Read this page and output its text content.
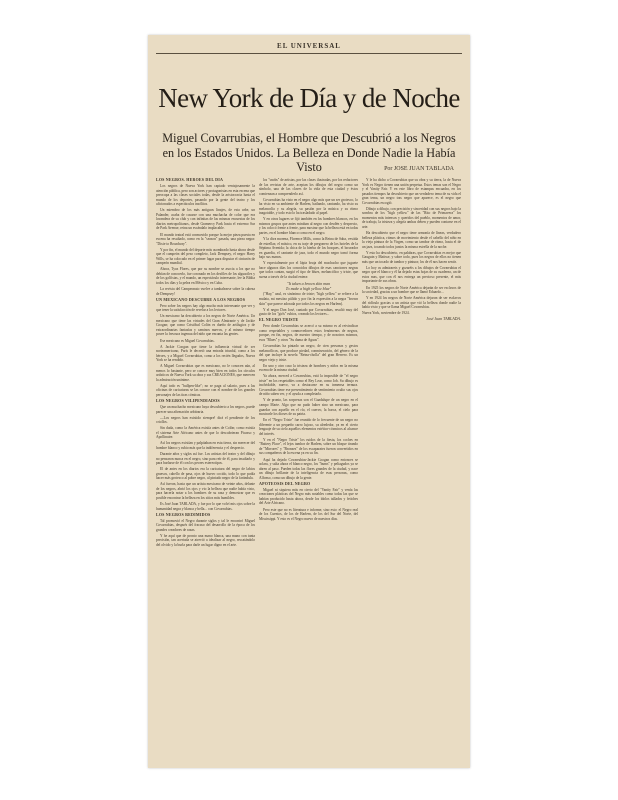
EL UNIVERSAL
New York de Día y de Noche
Miguel Covarrubias, el Hombre que Descubrió a los Negros en los Estados Unidos. La Belleza en Donde Nadie la Había Visto	Por JOSE JUAN TABLADA

LOS NEGROS. HEROES DEL DIA

Los negros de Nueva York han captado ventajosamente la atención pública, pero son actores y protagonistas en esta escena que preocupa a las clases sociales todas, desde la aristocracia hasta el mundo de los deportes, pasando por la gente del teatro y los aficionados a espectáculos insólitos.

Un miembro de los más antiguos linajes, de esta urbe, un Palander, acaba de casarse con una muchacha de color que era lavandera de su club y con infinitas de las mismas encuestas de los diarios metropolitanos, desde Gramercy Park hasta el extremo Sur de Park Avenue, reina un escándalo implacable.

El mundo teatral está conmovido porque la mejor pieza puesta en escena ha resultado, como en la "season" pasada, una pieza negra: "Dixie to Broadway".

Y por fin, el mundo del deporte más asombrado hasta ahora desde que el campeón del peso completo, Jack Dempsey, el negro Harry Wills, se ha colocado en el primer lugar para disputar el cinturón de campeón mundial.

Ahora, Tyus Flores, que por su nombre se asocia a los que no debían de conocerlo, fue coronado en los desfiles de los alguaciles y de los golfistas, y el mundo, un espectáculo interesante, lee la Biblia todos los días y la pelea en México y en Cuba.

La revista del Campeonato vuelve a tambalearse sobre la cabeza de Dempsey!

UN MEXICANO DESCUBRE A LOS NEGROS

Pero sobre los negros hay algo mucho más interesante que ver y que tener la satisfacción de revelar a los lectores.

Un mexicano ha descubierto a los negros de Norte América. Un mexicano que tiene las virtudes del Gran Almirante y de Jackie Coogan; que como Cristóbal Colón es dueño de artilugios y de extraordinarias fantasías y caminos nuevos, y al mismo tiempo posee la frescura ingenua del niño que encanta las gentes.

Ese mexicano es Miguel Covarrubias.

A Jackie Coogan que tiene la influencia virtual de ser norteamericano, París le decretó una entrada triunfal, como a los héroes, y a Miguel Covarrubias, como a los recién llegados, Nueva York se ha rendido.

A Miguel Covarrubias que es mexicano, no le conocen aún, al menos lo bastante, pero se conoce muy bien en todos los círculos artísticos de Nueva York su obra y sus CREACIONES, que merecen la admiración unánime.

Aquí todo es "bullpen-like"; no se paga al salario, pues a las oficinas de caricaturas se las conoce con el nombre de los grandes personajes de las tiras cómicas.

LOS NEGROS VILIPENDIADOS

Que un muchacho mexicano haya descubierto a los negros, puede parecer una afirmación arbitraria.

—Los negros han existido siempre! dirá el pendiente de los criollos.

Sin duda, como la América existía antes de Colón; como existía el sistema Arte Africano antes de que lo descubrieran Picasso y Apollinaire.

Así los negros existían y palpitaban en esta tierra, sin merecer del hombre blanco y rubio más que la indiferencia y el desprecio.

Durante años y siglos así fue. Los artistas del teatro y del dibujo no pensaron nunca en el negro, sino para reír de él, para insultarlo y para burlarse de él con los peores estereotipos.

El de antes en los diarios era la caricatura del negro de labios gruesos, cabello de pasa, ojos de huevo cocido, todo lo que podía hacer más grotesco al pobre negro, al pintado negro de la farándula.

Así fueron, hasta que un artista mexicano de veinte años, delante de los negros, abrió los ojos y vio la belleza que nadie había visto, para hacerla notar a los hombres de su raza y demostrar que es posible encontrar la belleza en los sitios más humildes.

Es José Juan TABLADA, y fue por lo que volví mis ojos sobre la humanidad negra y blanca y bella... con Covarrubias.

LOS NEGROS REDIMIDOS

Tal promovió el Negro durante siglos y tal le encontró Miguel Covarrubias, después del fracaso del desarrollo de la época de los grandes creadores de razas.

Y he aquí que de pronto una mano blanca, una mano con tanta precisión, tan acertada se atrevió a idealizar al negro, rescatándolo del olvido y la burla para darle un lugar digno en el arte.

los "snobs" de artistas, por las clases ilustradas, por los redactores de las revistas de arte, aceptan los dibujos del negro como un símbolo, una de las claves de la vida de esta ciudad y éstos comienzan a comprenderlo así.

Covarrubias ha visto en el negro algo más que un ser grotesco, lo ha visto en su ambiente de Harlem, bailando, cantando, ha visto su melancolía y su alegría, su pasión por la música y su ritmo inagotable, y todo esto lo ha trasladado al papel.

Y en otros lugares se fijó también en los hombres blancos, en los mismos grupos que antes miraban al negro con desdén y desprecio, y los colocó frente a frente, para mostrar que la belleza está en todas partes, en el hombre blanco como en el negro.

Y la diva morena, Florence Mills, como la Reina de Saba, vestida de estrellas; el músico, en su traje de pregonero de los hoteles de la Séptima Avenida; la chica de la hierba de los bosques, el boxeador en guardia, el cantante de jazz, todo el mundo negro tomó forma bajo sus manos.

Y especialmente por el lápiz bruja del muchacho que juguete hace algunos días los conocidos dibujos de esas canciones negras que todos cantan, surgió el tipo de blues, melancólico y triste, que suena a través de la ciudad entera:

"It taken a brown skin man
To make a high yellow blue"

("Hay," azul, es sinónimo de triste; "high yellow" se refiere a la mulata, mi mestizo pálido y por fin la expresión a la negra "brown skin" que parece adorada por todos los negros en Harlem).

Y el negro Don José, cantado por Covarrubias, resultó muy del gusto de los "girls" rubios, creando los lectores...

EL NEGRO TRISTE

Pero donde Covarrubias se acercó a su mismo es al reivindicar como respetables y conmovedores estos fenómenos de negros, porque, en fin, negros, de nuestro tiempo, y de nosotros mismos, esos "Blues" y otros "Su dama de Aguas".

Covarrubias ha pintado un negro, de cien personas y gestos melancólicos, que produce piedad, conmiseración, del género de la del que incluye la novela "Reina-cholla" del gran Herrero. Es un negro viejo y triste.

En uno y otro caso la tristeza de hombres y niños en la misma escena de la misma ciudad.

Ya ahora, merced a Covarrubias, está la imposible de "el negro triste" en los respetables como el Rey Lear, como Job. Su dibujo es inolvidable, nuevo, va a destacarse en su inmensa ternura. Covarrubias tiene ese presentimiento de sentimiento oculto sus ojos de niño saben ver, y el ayuda a completarlo.

Y de pronto, las sorpresas son el Guadalupe de un negro en el campo Marte. Algo que no pudo haber sino un mexicano, para guardar con aquello en el río, el cuervo, la barca, el cielo para mostrarle los dioses de su patria.

En el "Negro Triste" fue reunido de lo frecuente de un negro no diferente a un pequeño carro lujoso, su alrededor, ya en el cierto lenguaje de su cielo aquellos elementos estético-cósmicos al alcance del interés.

Y en el "Negro Triste" los ruidos de la fiesta, los coches en "Battery Place", el lejos tambor de Harlem, sobre un bloque tirando de "Mirrores" y "Bronzes" de los escaparates fueron convertidos en sus compañeros de la escena ya en su fin.

Aquí ha dejado Covarrubias-Jackie Coogan como entonces se aclara, y salta ahora el blanco negro, los "bums" y peliagudos ya se abren al paso. Pueden todas las flores grandes de la ciudad, y nace un dibujo brillante de la inteligencia de esas personas, como Alfonso, como un dibujo de la gente.

APOTEOSIS DEL NEGRO

Miguel ni siquiera más en cierto del "Vanity Fair" y venía las creaciones plásticas del Negro más notables como todas las que se habían producido hasta ahora, desde los ídolos tallados y fetiches del Arte Africano.

Pero este que no es literatura e informe, sino esto: el Negro real de los Cuentos, de los de Harlem, de los del Sur del Norte, del Mississippi. Y esto es el Negro nuevo de nuestros días.

Y le ha dicho a Covarrubias que su obra y su tierra, la de Nueva York es Negro tienen una unión perpetua. Estos temas son el Negro y el Vanity Fair. Y en este libro de estampas encuadra, en los pasados tiempos ha descubierto que un verdadero tema de su vida el gran tema, un negro tras negro que aparece, es el negro que Covarrubias escogió.

Dibujo a dibujo, con precisión y sinceridad con sus negros bajo la sombra de los "high yellow" de las "Rito de Primavera" los momentos más intensos y queridos del pueblo, momentos de amor, de trabajo, la tristeza y alegría ambas deben y pueden contarse en el arte.

Ha descubierto que el negro tiene armonía de líneas, verdadero belleza plástica, ritmos de movimiento desde el cabello del niño en la vieja pintura de la Virgen, como un tambor de ritmo, hasta el de un jazz, tocando todos juntos la misma estrella de la noche.

Y esto ha descubierto, en palabras, que Covarrubias es mejor que Gauguin y Matisse, y sobre todo, pues los negros de ellos no tienen más que un tocado de tambor y pintura; los de él nos hacen sentir.

Lo hoy os admirareis y gozaréis a los dibujos de Covarrubias el negro que el blanco y él ha dejado estas hojas de su cuaderno, un de estos mas, que con él nos entrega un precioso presente, el más importante de sus obras.

En 1925 los negros de Norte América dejarán de ser esclavos de la sociedad, gracias a un hombre que se llamó Eduardo...

Y en 1924 los negros de Norte América dejaron de ser esclavos del ridículo gracias a un artista que vió la belleza donde nadie la había visto y que se llama Miguel Covarrubias.

Nueva York, noviembre de 1924.

José Juan TABLADA.
